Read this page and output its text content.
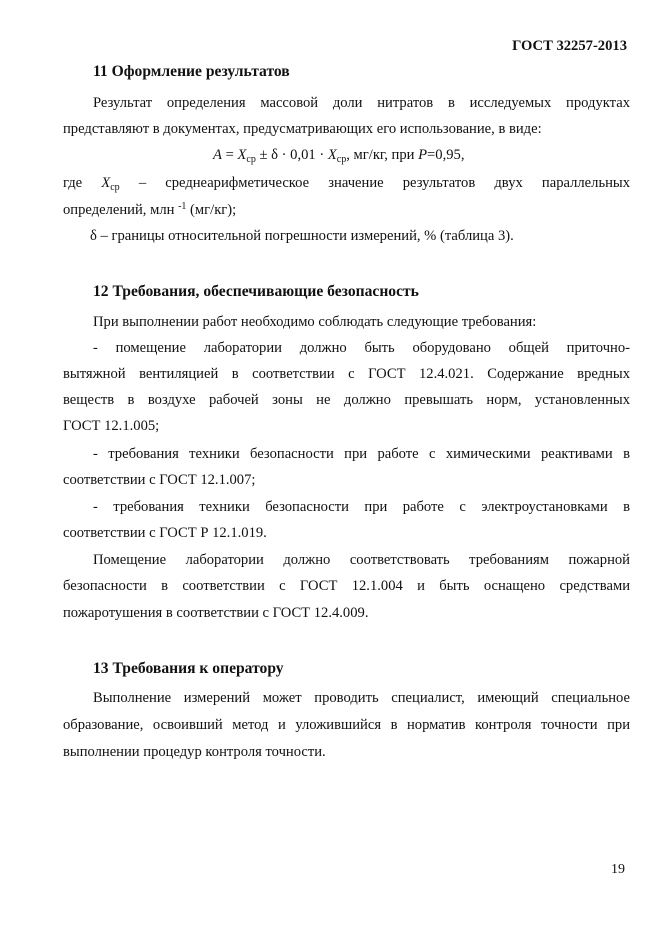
ГОСТ 32257-2013
11 Оформление результатов
Результат определения массовой доли нитратов в исследуемых продуктах
представляют в документах, предусматривающих его использование, в виде:
$A = X_{ср} \pm \delta \cdot 0,01 \cdot X_{ср}$, мг/кг, при P=0,95,
где $X_{ср}$ – среднеарифметическое значение результатов двух параллельных
определений, млн $^{-1}$ (мг/кг);
δ – границы относительной погрешности измерений, % (таблица 3).
12 Требования, обеспечивающие безопасность
При выполнении работ необходимо соблюдать следующие требования:
- помещение лаборатории должно быть оборудовано общей приточно-
вытяжной вентиляцией в соответствии с ГОСТ 12.4.021. Содержание вредных
веществ в воздухе рабочей зоны не должно превышать норм, установленных
ГОСТ 12.1.005;
- требования техники безопасности при работе с химическими реактивами в
соответствии с ГОСТ 12.1.007;
- требования техники безопасности при работе с электроустановками в
соответствии с ГОСТ Р 12.1.019.
Помещение лаборатории должно соответствовать требованиям пожарной
безопасности в соответствии с ГОСТ 12.1.004 и быть оснащено средствами
пожаротушения в соответствии с ГОСТ 12.4.009.
13 Требования к оператору
Выполнение измерений может проводить специалист, имеющий специальное
образование, освоивший метод и уложившийся в норматив контроля точности при
выполнении процедур контроля точности.
19
